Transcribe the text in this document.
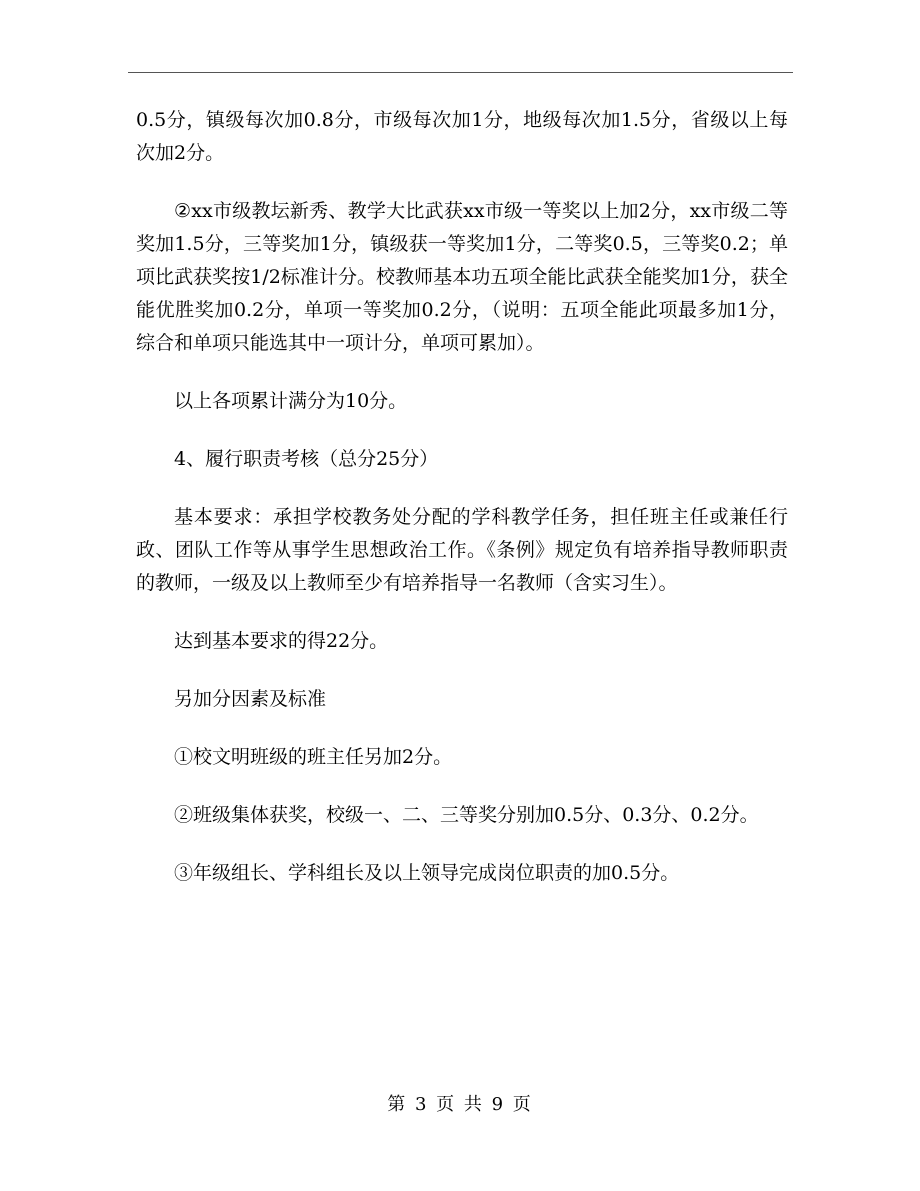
0.5分，镇级每次加0.8分，市级每次加1分，地级每次加1.5分，省级以上每次加2分。

②xx市级教坛新秀、教学大比武获xx市级一等奖以上加2分，xx市级二等奖加1.5分，三等奖加1分，镇级获一等奖加1分，二等奖0.5，三等奖0.2；单项比武获奖按1/2标准计分。校教师基本功五项全能比武获全能奖加1分，获全能优胜奖加0.2分，单项一等奖加0.2分，（说明：五项全能此项最多加1分，综合和单项只能选其中一项计分，单项可累加）。

以上各项累计满分为10分。

4、履行职责考核（总分25分）

基本要求：承担学校教务处分配的学科教学任务，担任班主任或兼任行政、团队工作等从事学生思想政治工作。《条例》规定负有培养指导教师职责的教师，一级及以上教师至少有培养指导一名教师（含实习生）。

达到基本要求的得22分。

另加分因素及标准

①校文明班级的班主任另加2分。

②班级集体获奖，校级一、二、三等奖分别加0.5分、0.3分、0.2分。

③年级组长、学科组长及以上领导完成岗位职责的加0.5分。

第 3 页 共 9 页
